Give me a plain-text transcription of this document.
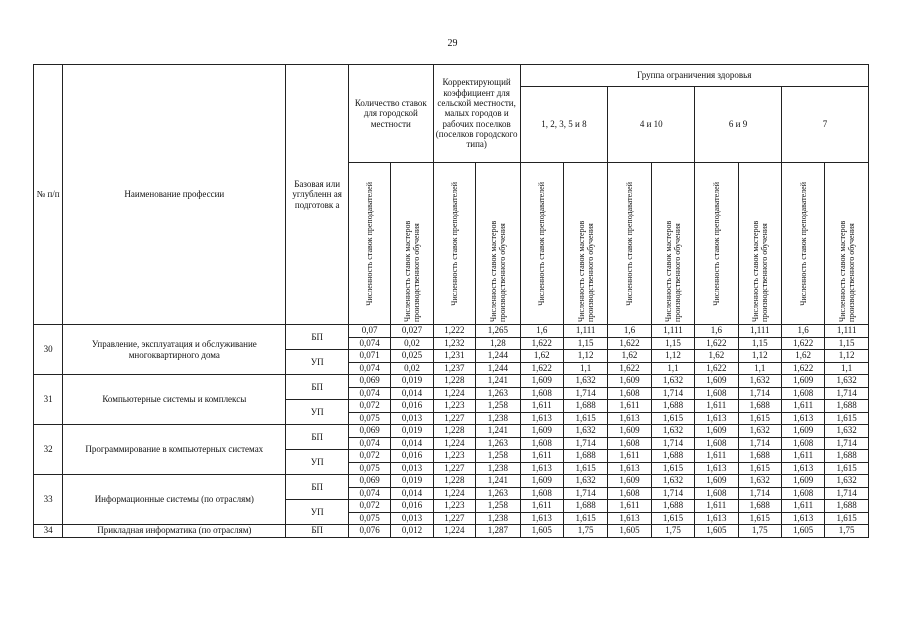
29
№ п/п	Наименование профессии	Базовая или углубленн ая подготовк а	Количество ставок для городской местности		Корректирующий коэффициент для сельской местности, малых городов и рабочих поселков (поселков городского типа)		Группа ограничения здоровья							
							1, 2, 3, 5 и 8		4 и 10		6 и 9		7	

			Численность ставок преподавателей	Численность ставок мастеров производственного обучения	Численность ставок преподавателей	Численность ставок мастеров производственного обучения	Численность ставок преподавателей	Численность ставок мастеров производственного обучения	Численность ставок преподавателей	Численность ставок мастеров производственного обучения	Численность ставок преподавателей	Численность ставок мастеров производственного обучения	Численность ставок преподавателей	Численность ставок мастеров производственного обучения

30	Управление, эксплуатация и обслуживание многоквартирного дома	БП	0,07	0,027	1,222	1,265	1,6	1,111	1,6	1,111	1,6	1,111	1,6	1,111
			0,074	0,02	1,232	1,28	1,622	1,15	1,622	1,15	1,622	1,15	1,622	1,15
		УП	0,071	0,025	1,231	1,244	1,62	1,12	1,62	1,12	1,62	1,12	1,62	1,12
			0,074	0,02	1,237	1,244	1,622	1,1	1,622	1,1	1,622	1,1	1,622	1,1
31	Компьютерные системы и комплексы	БП	0,069	0,019	1,228	1,241	1,609	1,632	1,609	1,632	1,609	1,632	1,609	1,632
			0,074	0,014	1,224	1,263	1,608	1,714	1,608	1,714	1,608	1,714	1,608	1,714
		УП	0,072	0,016	1,223	1,258	1,611	1,688	1,611	1,688	1,611	1,688	1,611	1,688
			0,075	0,013	1,227	1,238	1,613	1,615	1,613	1,615	1,613	1,615	1,613	1,615
32	Программирование в компьютерных системах	БП	0,069	0,019	1,228	1,241	1,609	1,632	1,609	1,632	1,609	1,632	1,609	1,632
			0,074	0,014	1,224	1,263	1,608	1,714	1,608	1,714	1,608	1,714	1,608	1,714
		УП	0,072	0,016	1,223	1,258	1,611	1,688	1,611	1,688	1,611	1,688	1,611	1,688
			0,075	0,013	1,227	1,238	1,613	1,615	1,613	1,615	1,613	1,615	1,613	1,615
33	Информационные системы (по отраслям)	БП	0,069	0,019	1,228	1,241	1,609	1,632	1,609	1,632	1,609	1,632	1,609	1,632
			0,074	0,014	1,224	1,263	1,608	1,714	1,608	1,714	1,608	1,714	1,608	1,714
		УП	0,072	0,016	1,223	1,258	1,611	1,688	1,611	1,688	1,611	1,688	1,611	1,688
			0,075	0,013	1,227	1,238	1,613	1,615	1,613	1,615	1,613	1,615	1,613	1,615
34	Прикладная информатика (по отраслям)	БП	0,076	0,012	1,224	1,287	1,605	1,75	1,605	1,75	1,605	1,75	1,605	1,75
